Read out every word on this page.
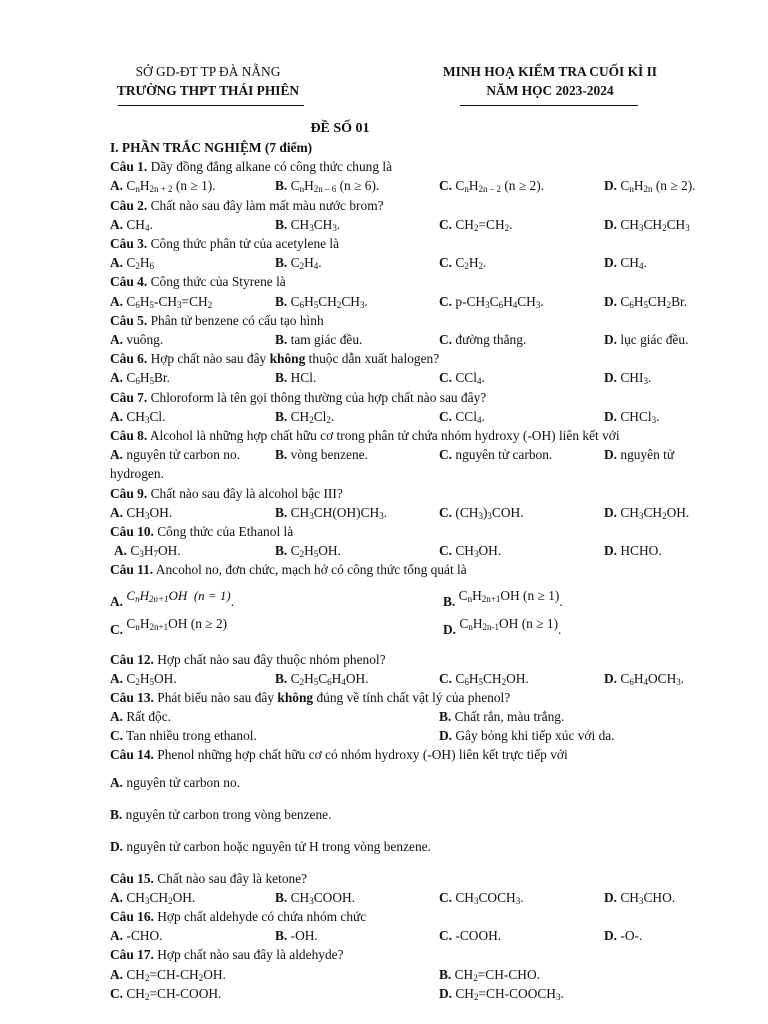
SỞ GD-ĐT TP ĐÀ NẴNG
TRƯỜNG THPT THÁI PHIÊN
MINH HOẠ KIỂM TRA CUỐI KÌ II
NĂM HỌC 2023-2024
ĐỀ SỐ 01
I. PHẦN TRẮC NGHIỆM (7 điểm)
Câu 1. Dãy đồng đẳng alkane có công thức chung là
A. $C_nH_{2n + 2}$ (n ≥ 1).	B. $C_nH_{2n - 6}$ (n ≥ 6).	C. $C_nH_{2n - 2}$ (n ≥ 2).	D. $C_nH_{2n}$ (n ≥ 2).
Câu 2. Chất nào sau đây làm mất màu nước brom?
A. $CH_4$.	B. $CH_3CH_3$.	C. $CH_2=CH_2$.	D. $CH_3CH_2CH_3$
Câu 3. Công thức phân tử của acetylene là
A. $C_2H_6$	B. $C_2H_4$.	C. $C_2H_2$.	D. $CH_4$.
Câu 4. Công thức của Styrene là
A. $C_6H_5-CH_3=CH_2$	B. $C_6H_5CH_2CH_3$.	C. $p-CH_3C_6H_4CH_3$.	D. $C_6H_5CH_2Br$.
Câu 5. Phân tử benzene có cấu tạo hình
A. vuông.	B. tam giác đều.	C. đường thẳng.	D. lục giác đều.
Câu 6. Hợp chất nào sau đây không thuộc dẫn xuất halogen?
A. $C_6H_5Br$.	B. HCl.	C. CCl$_4$.	D. $CHI_3$.
Câu 7. Chloroform là tên gọi thông thường của hợp chất nào sau đây?
A. $CH_3Cl$.	B. $CH_2Cl_2$.	C. CCl$_4$.	D. CHCl$_3$.
Câu 8. Alcohol là những hợp chất hữu cơ trong phân tử chứa nhóm hydroxy (-OH) liên kết với
A. nguyên tử carbon no.	B. vòng benzene.	C. nguyên tử carbon.	D. nguyên tử
hydrogen.
Câu 9. Chất nào sau đây là alcohol bậc III?
A. $CH_3OH$.	B. $CH_3CH(OH)CH_3$.	C. $(CH_3)_3COH$.	D. $CH_3CH_2OH$.
Câu 10. Công thức của Ethanol là
A. $C_3H_7OH$.	B. $C_2H_5OH$.	C. $CH_3OH$.	D. HCHO.
Câu 11. Ancohol no, đơn chức, mạch hở có công thức tổng quát là
A. $C_nH_{2n+1}OH$  (n = 1).	B. $C_nH_{2n+1}OH$ (n ≥ 1).
C. $C_nH_{2n+1}OH$ (n ≥ 2)	D. $C_nH_{2n-1}OH$ (n ≥ 1).
Câu 12. Hợp chất nào sau đây thuộc nhóm phenol?
A. $C_2H_5OH$.	B. $C_2H_5C_6H_4OH$.	C. $C_6H_5CH_2OH$.	D. $C_6H_4OCH_3$.
Câu 13. Phát biểu nào sau đây không đúng về tính chất vật lý của phenol?
A. Rất độc.	B. Chất rắn, màu trắng.
C. Tan nhiều trong ethanol.	D. Gây bỏng khi tiếp xúc với da.
Câu 14. Phenol những hợp chất hữu cơ có nhóm hydroxy (-OH) liên kết trực tiếp với
A. nguyên tử carbon no.
B. nguyên tử carbon trong vòng benzene.
D. nguyên tử carbon hoặc nguyên tử H trong vòng benzene.
Câu 15. Chất nào sau đây là ketone?
A. $CH_3CH_2OH$.	B. $CH_3COOH$.	C. $CH_3COCH_3$.	D. $CH_3CHO$.
Câu 16. Hợp chất aldehyde có chứa nhóm chức
A. -CHO.	B. -OH.	C. -COOH.	D. -O-.
Câu 17. Hợp chất nào sau đây là aldehyde?
A. $CH_2=CH-CH_2OH$.	B. $CH_2=CH$-CHO.
C. $CH_2=CH$-COOH.	D. $CH_2=CH-COOCH_3$.
